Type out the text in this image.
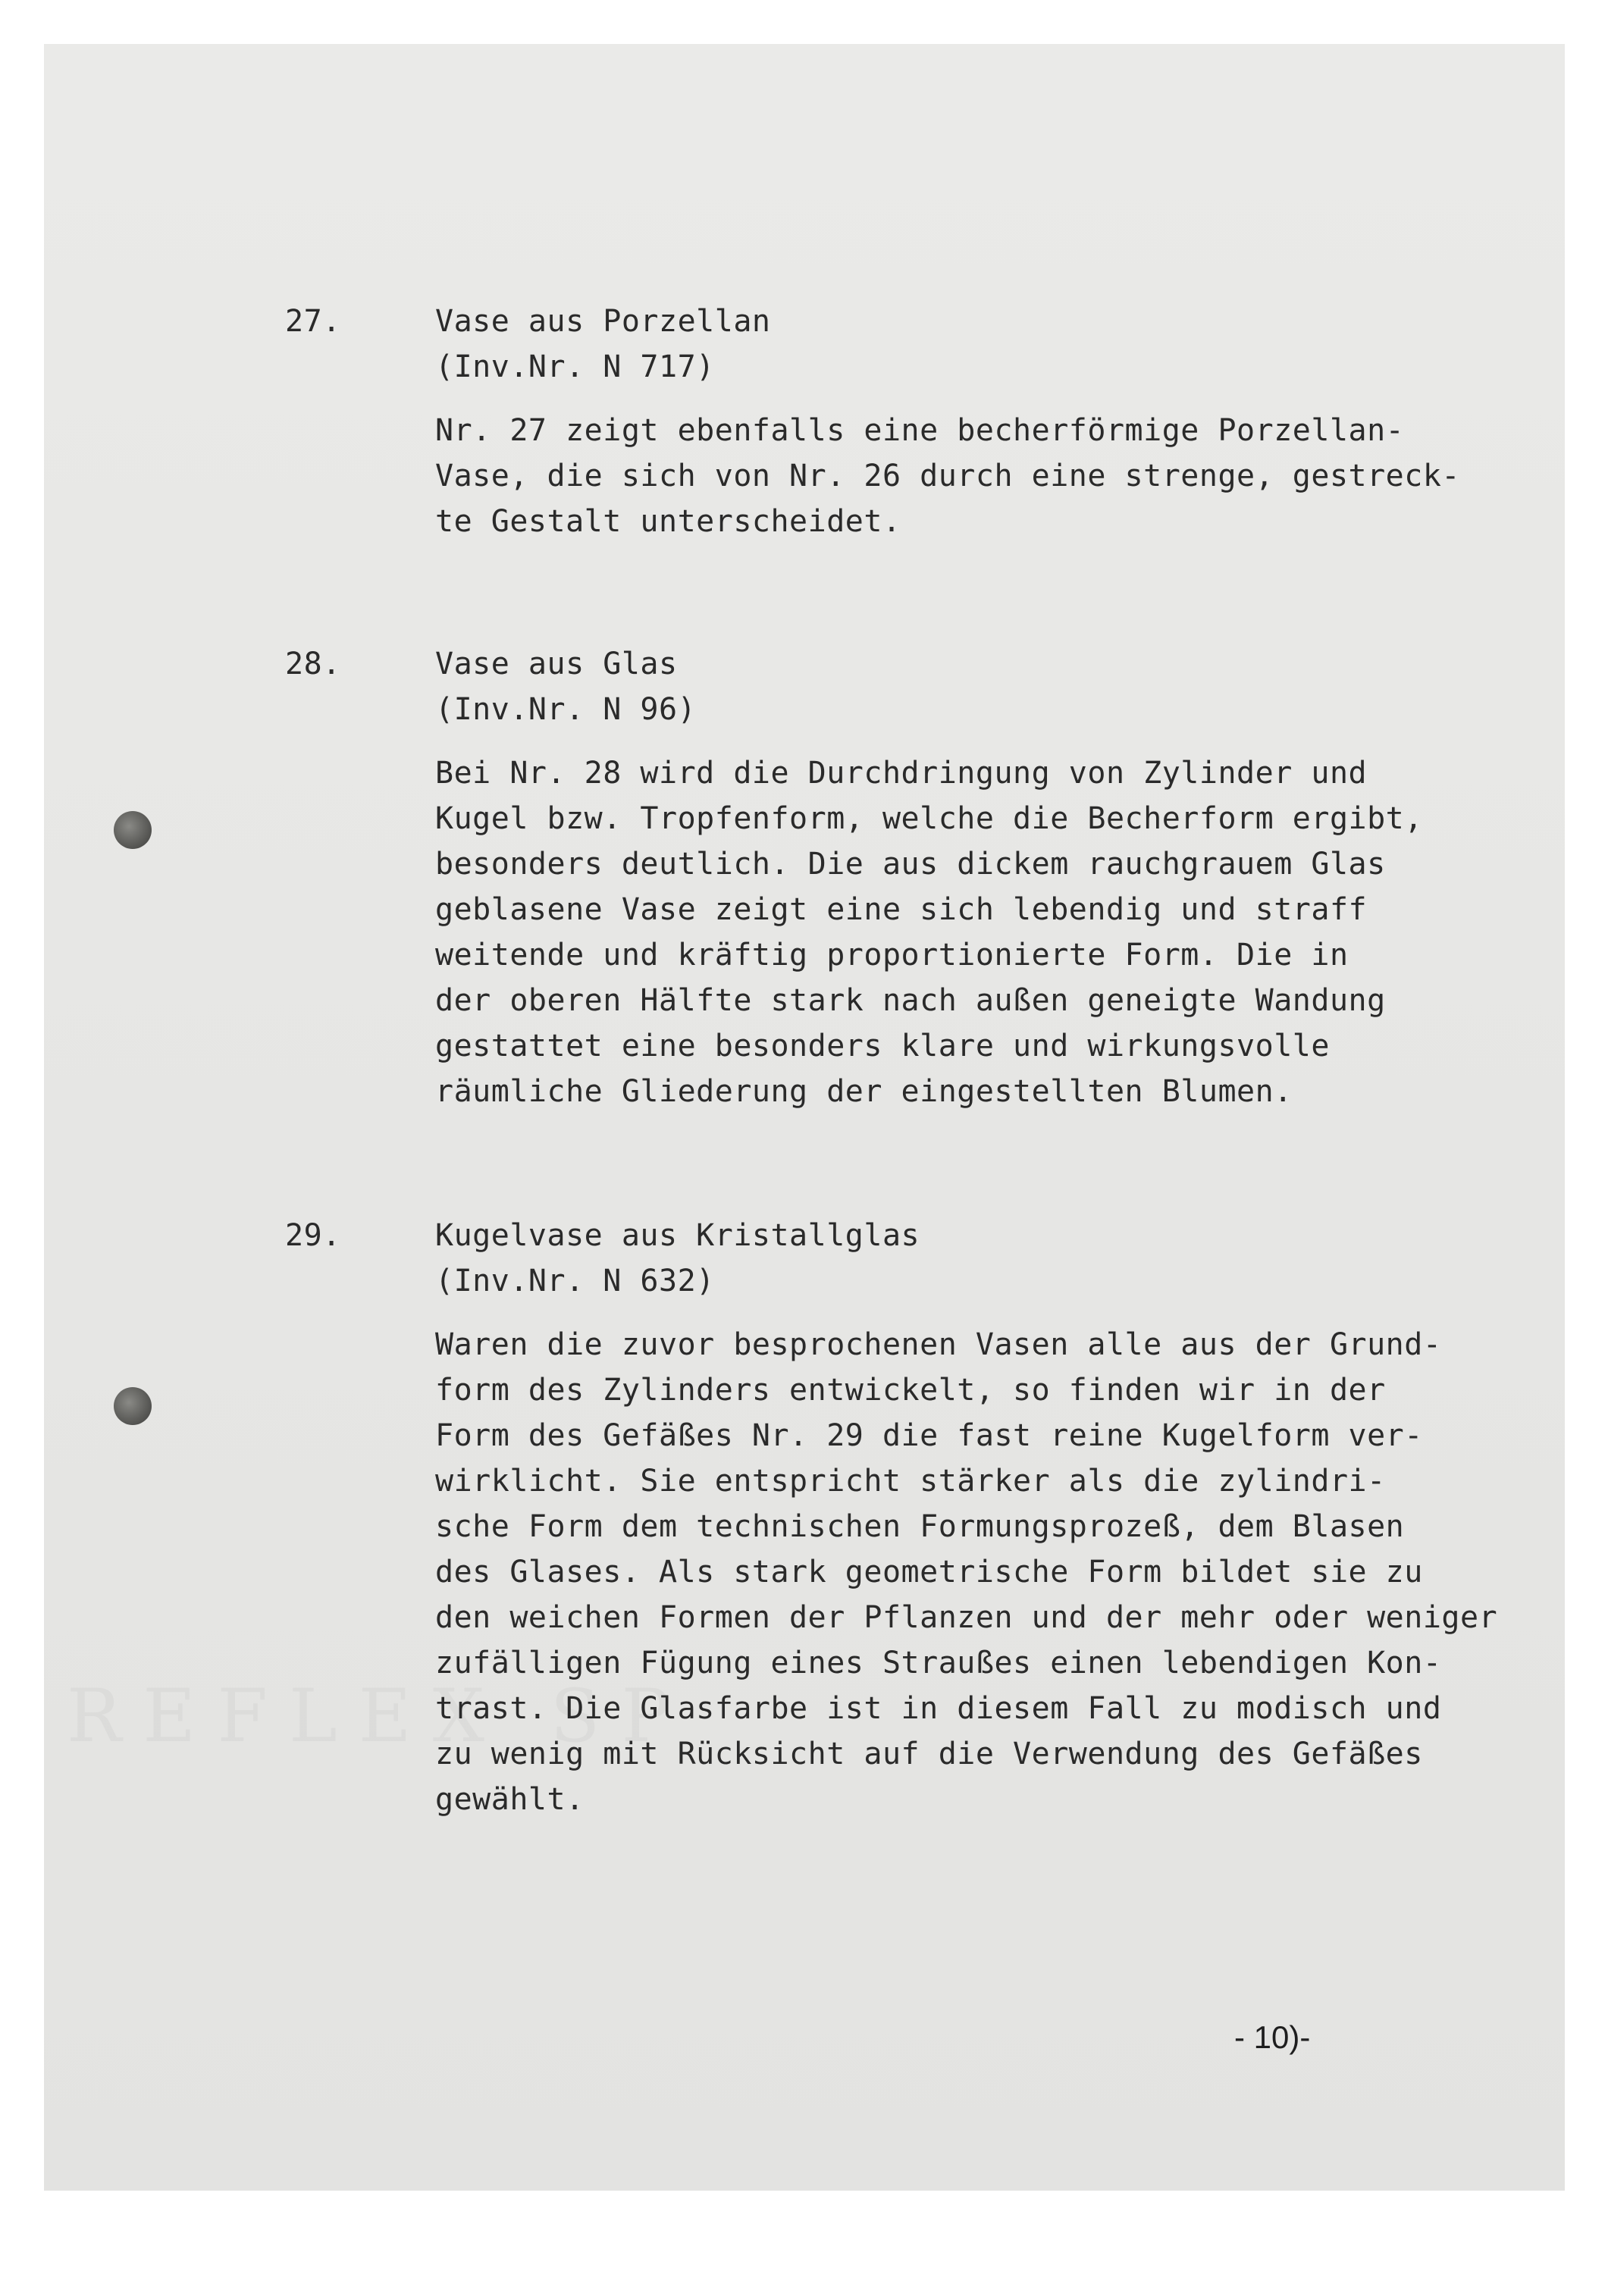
27.	Vase aus Porzellan
(Inv.Nr. N 717)
Nr. 27 zeigt ebenfalls eine becherförmige Porzellan-
Vase, die sich von Nr. 26 durch eine strenge, gestreck-
te Gestalt unterscheidet.
28.	Vase aus Glas
(Inv.Nr. N 96)
Bei Nr. 28 wird die Durchdringung von Zylinder und
Kugel bzw. Tropfenform, welche die Becherform ergibt,
besonders deutlich. Die aus dickem rauchgrauem Glas
geblasene Vase zeigt eine sich lebendig und straff
weitende und kräftig proportionierte Form. Die in
der oberen Hälfte stark nach außen geneigte Wandung
gestattet eine besonders klare und wirkungsvolle
räumliche Gliederung der eingestellten Blumen.
29.	Kugelvase aus Kristallglas
(Inv.Nr. N 632)
Waren die zuvor besprochenen Vasen alle aus der Grund-
form des Zylinders entwickelt, so finden wir in der
Form des Gefäßes Nr. 29 die fast reine Kugelform ver-
wirklicht. Sie entspricht stärker als die zylindri-
sche Form dem technischen Formungsprozeß, dem Blasen
des Glases. Als stark geometrische Form bildet sie zu
den weichen Formen der Pflanzen und der mehr oder weniger
zufälligen Fügung eines Straußes einen lebendigen Kon-
trast. Die Glasfarbe ist in diesem Fall zu modisch und
zu wenig mit Rücksicht auf die Verwendung des Gefäßes
gewählt.
- 10)-
